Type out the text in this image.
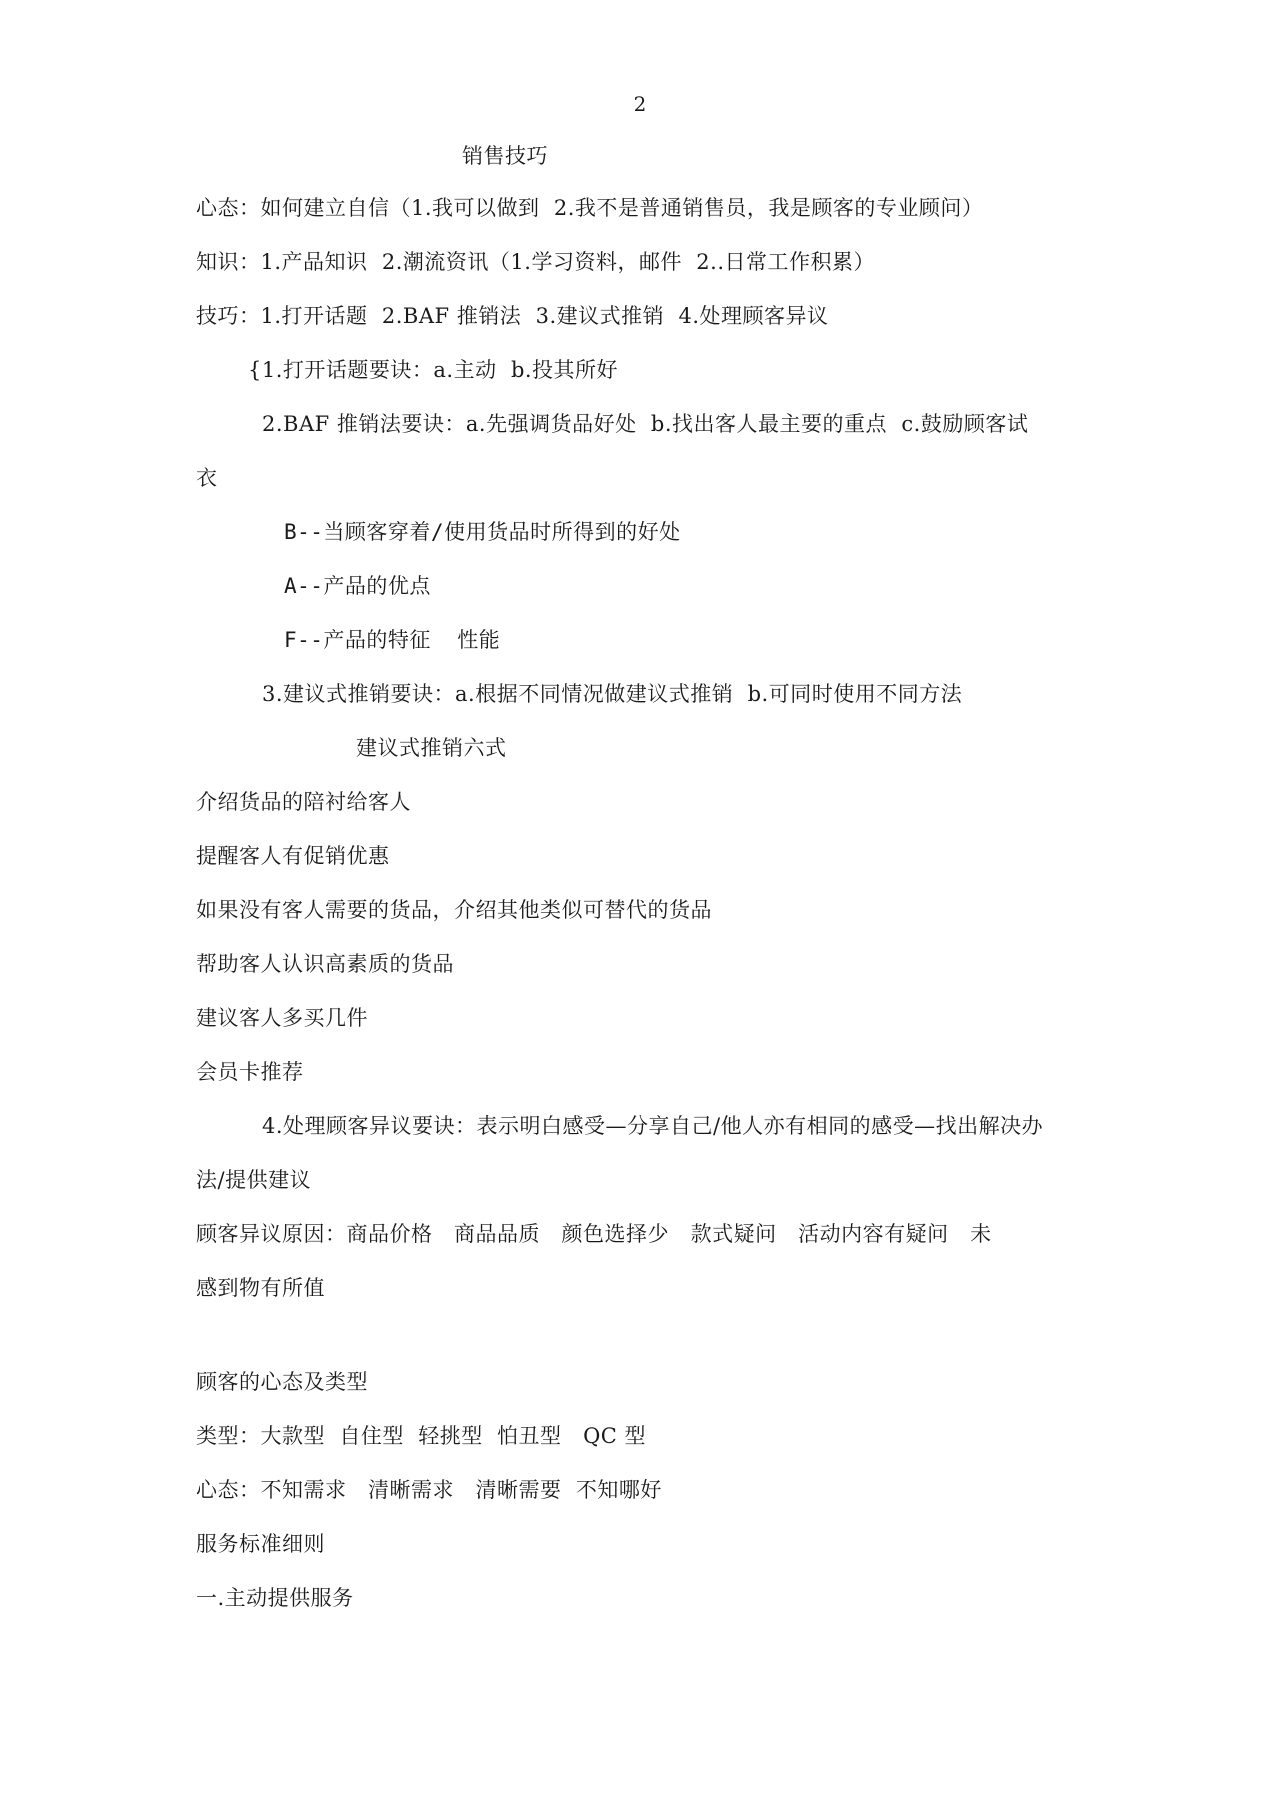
2
销售技巧
心态：如何建立自信（1.我可以做到  2.我不是普通销售员，我是顾客的专业顾问）
知识：1.产品知识  2.潮流资讯（1.学习资料，邮件  2..日常工作积累）
技巧：1.打开话题  2.BAF 推销法  3.建议式推销  4.处理顾客异议
{1.打开话题要诀：a.主动  b.投其所好
2.BAF 推销法要诀：a.先强调货品好处  b.找出客人最主要的重点  c.鼓励顾客试
衣
B--当顾客穿着/使用货品时所得到的好处
A--产品的优点
F--产品的特征  性能
3.建议式推销要诀：a.根据不同情况做建议式推销  b.可同时使用不同方法
建议式推销六式
介绍货品的陪衬给客人
提醒客人有促销优惠
如果没有客人需要的货品，介绍其他类似可替代的货品
帮助客人认识高素质的货品
建议客人多买几件
会员卡推荐
4.处理顾客异议要诀：表示明白感受—分享自己/他人亦有相同的感受—找出解决办
法/提供建议
顾客异议原因：商品价格   商品品质   颜色选择少   款式疑问   活动内容有疑问   未
感到物有所值
顾客的心态及类型
类型：大款型  自住型  轻挑型  怕丑型   QC 型
心态：不知需求   清晰需求   清晰需要  不知哪好
服务标准细则
一.主动提供服务
